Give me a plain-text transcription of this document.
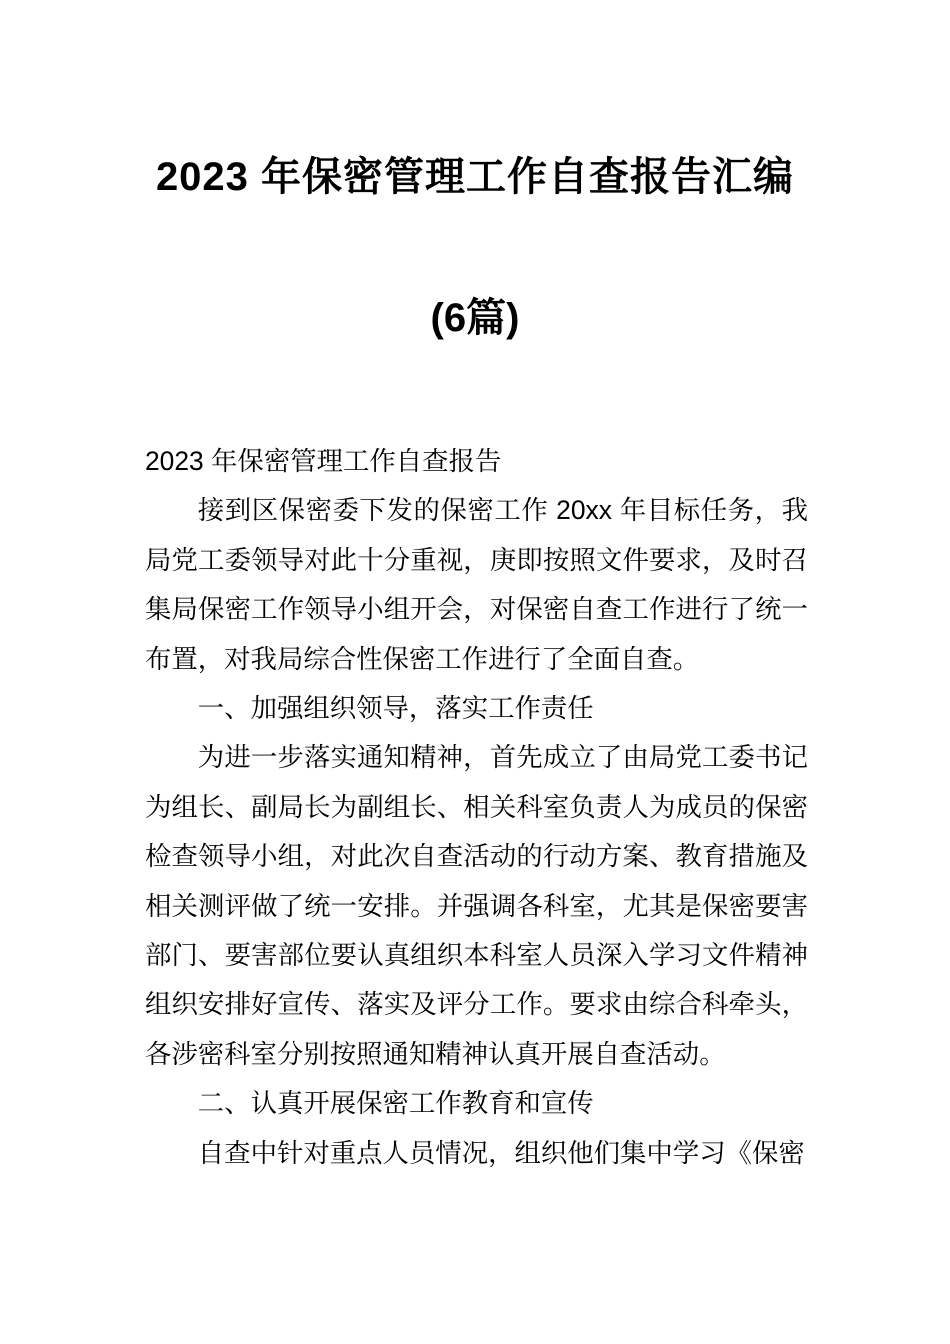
2023 年保密管理工作自查报告汇编
(6篇)
2023 年保密管理工作自查报告
接到区保密委下发的保密工作 20xx 年目标任务，我局党工委领导对此十分重视，庚即按照文件要求，及时召集局保密工作领导小组开会，对保密自查工作进行了统一布置，对我局综合性保密工作进行了全面自查。
一、加强组织领导，落实工作责任
为进一步落实通知精神，首先成立了由局党工委书记为组长、副局长为副组长、相关科室负责人为成员的保密检查领导小组，对此次自查活动的行动方案、教育措施及相关测评做了统一安排。并强调各科室，尤其是保密要害部门、要害部位要认真组织本科室人员深入学习文件精神组织安排好宣传、落实及评分工作。要求由综合科牵头，各涉密科室分别按照通知精神认真开展自查活动。
二、认真开展保密工作教育和宣传
自查中针对重点人员情况，组织他们集中学习《保密
